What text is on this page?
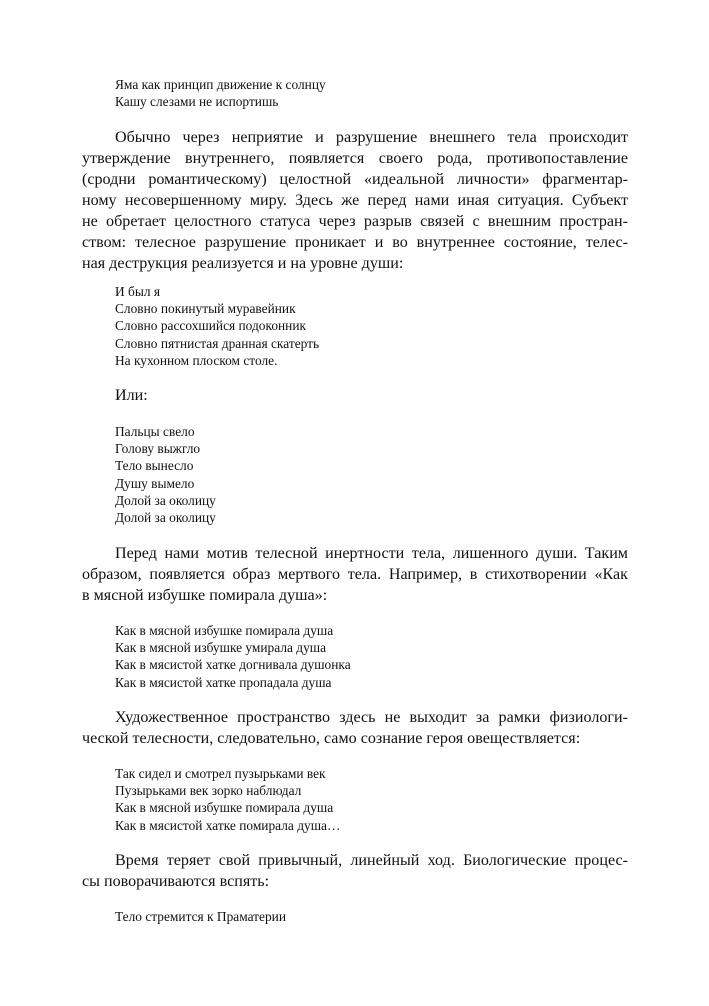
Яма как принцип движение к солнцу
Кашу слезами не испортишь
Обычно через неприятие и разрушение внешнего тела происходит
утверждение внутреннего, появляется своего рода, противопоставление
(сродни романтическому) целостной «идеальной личности» фрагментар-
ному несовершенному миру. Здесь же перед нами иная ситуация. Субъект
не обретает целостного статуса через разрыв связей с внешним простран-
ством: телесное разрушение проникает и во внутреннее состояние, телес-
ная деструкция реализуется и на уровне души:
И был я
Словно покинутый муравейник
Словно рассохшийся подоконник
Словно пятнистая дранная скатерть
На кухонном плоском столе.
Или:
Пальцы свело
Голову выжгло
Тело вынесло
Душу вымело
Долой за околицу
Долой за околицу
Перед нами мотив телесной инертности тела, лишенного души. Таким
образом, появляется образ мертвого тела. Например, в стихотворении «Как
в мясной избушке помирала душа»:
Как в мясной избушке помирала душа
Как в мясной избушке умирала душа
Как в мясистой хатке догнивала душонка
Как в мясистой хатке пропадала душа
Художественное пространство здесь не выходит за рамки физиологи-
ческой телесности, следовательно, само сознание героя овеществляется:
Так сидел и смотрел пузырьками век
Пузырьками век зорко наблюдал
Как в мясной избушке помирала душа
Как в мясистой хатке помирала душа…
Время теряет свой привычный, линейный ход. Биологические процес-
сы поворачиваются вспять:
Тело стремится к Праматерии
